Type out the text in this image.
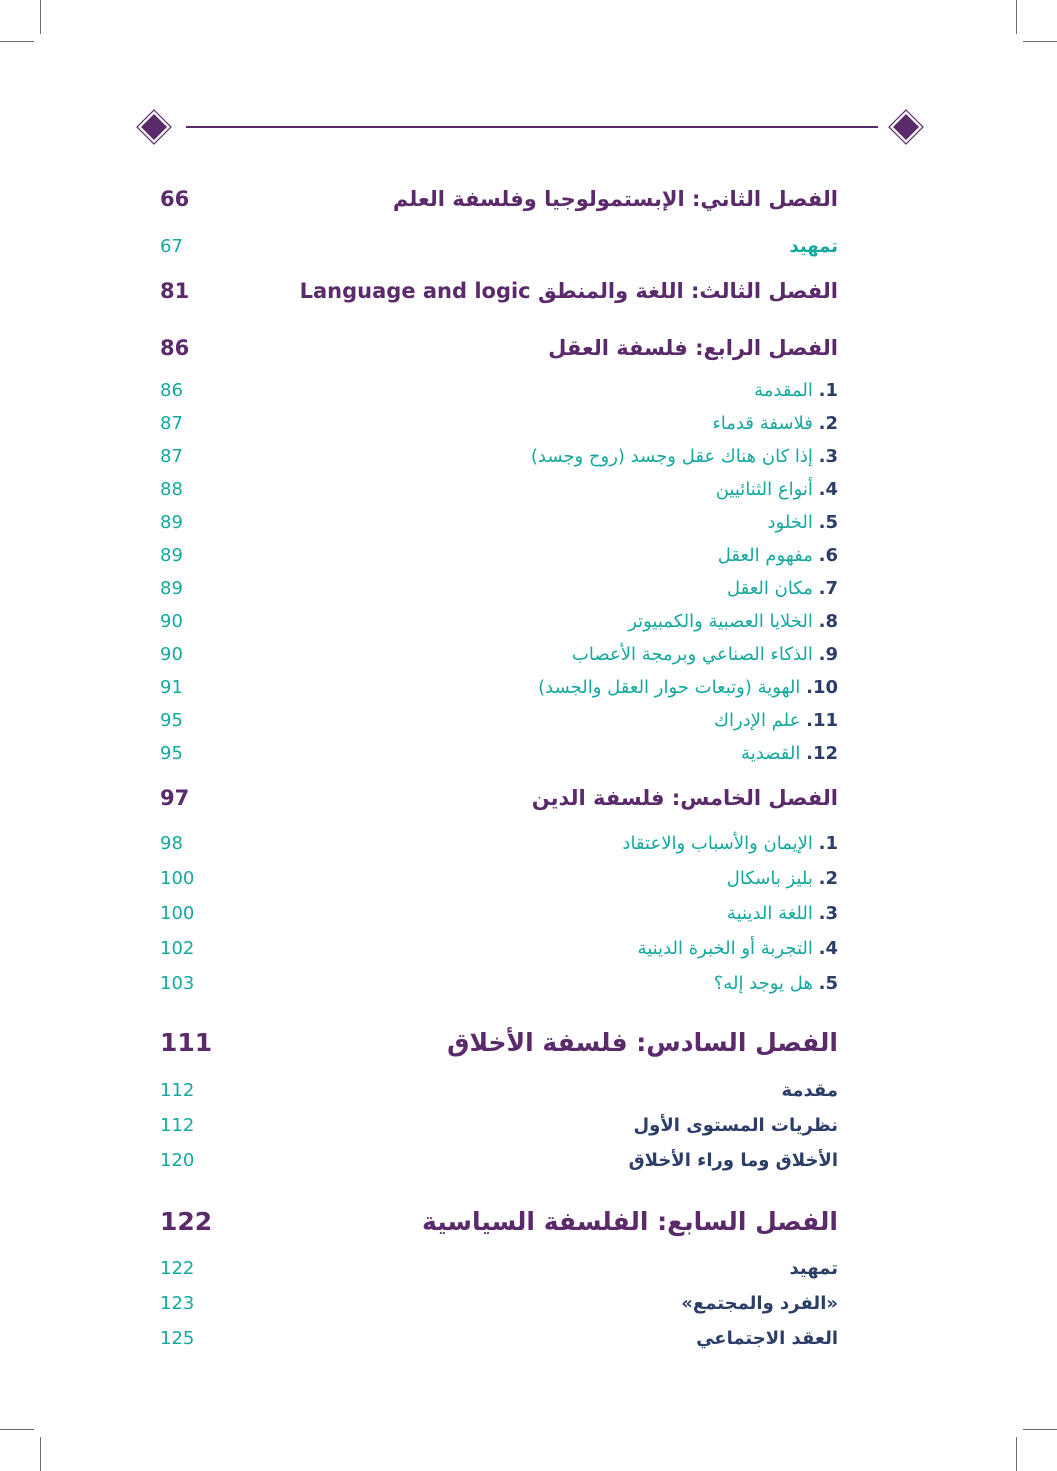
66	الفصل الثاني: الإبستمولوجيا وفلسفة العلم
67	تمهيد
81	الفصل الثالث: اللغة والمنطق Language and logic
86	الفصل الرابع: فلسفة العقل
86	1. المقدمة
87	2. فلاسفة قدماء
87	3. إذا كان هناك عقل وجسد (روح وجسد)
88	4. أنواع الثنائيين
89	5. الخلود
89	6. مفهوم العقل
89	7. مكان العقل
90	8. الخلايا العصبية والكمبيوتر
90	9. الذكاء الصناعي وبرمجة الأعصاب
91	10. الهوية (وتبعات حوار العقل والجسد)
95	11. علم الإدراك
95	12. القصدية
97	الفصل الخامس: فلسفة الدين
98	1. الإيمان والأسباب والاعتقاد
100	2. بليز باسكال
100	3. اللغة الدينية
102	4. التجربة أو الخبرة الدينية
103	5. هل يوجد إله؟
111	الفصل السادس: فلسفة الأخلاق
112	مقدمة
112	نظريات المستوى الأول
120	الأخلاق وما وراء الأخلاق
122	الفصل السابع: الفلسفة السياسية
122	تمهيد
123	«الفرد والمجتمع»
125	العقد الاجتماعي
